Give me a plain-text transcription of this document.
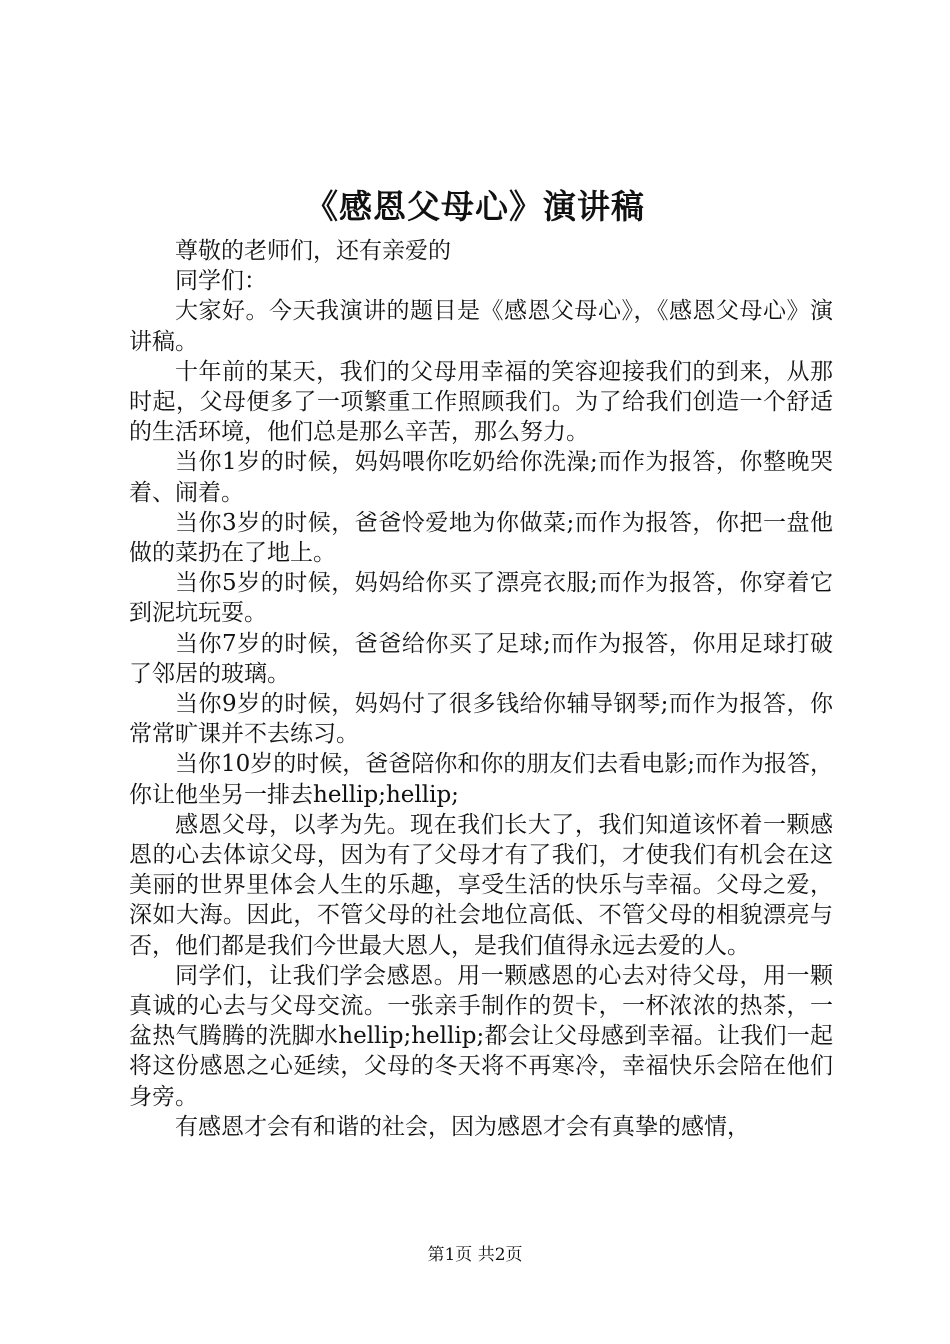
《感恩父母心》演讲稿

尊敬的老师们，还有亲爱的

同学们：

大家好。今天我演讲的题目是《感恩父母心》，《感恩父母心》演讲稿。

十年前的某天，我们的父母用幸福的笑容迎接我们的到来，从那时起，父母便多了一项繁重工作照顾我们。为了给我们创造一个舒适的生活环境，他们总是那么辛苦，那么努力。

当你1岁的时候，妈妈喂你吃奶给你洗澡;而作为报答，你整晚哭着、闹着。

当你3岁的时候，爸爸怜爱地为你做菜;而作为报答，你把一盘他做的菜扔在了地上。

当你5岁的时候，妈妈给你买了漂亮衣服;而作为报答，你穿着它到泥坑玩耍。

当你7岁的时候，爸爸给你买了足球;而作为报答，你用足球打破了邻居的玻璃。

当你9岁的时候，妈妈付了很多钱给你辅导钢琴;而作为报答，你常常旷课并不去练习。

当你10岁的时候，爸爸陪你和你的朋友们去看电影;而作为报答，你让他坐另一排去hellip;hellip;

感恩父母，以孝为先。现在我们长大了，我们知道该怀着一颗感恩的心去体谅父母，因为有了父母才有了我们，才使我们有机会在这美丽的世界里体会人生的乐趣，享受生活的快乐与幸福。父母之爱，深如大海。因此，不管父母的社会地位高低、不管父母的相貌漂亮与否，他们都是我们今世最大恩人，是我们值得永远去爱的人。

同学们，让我们学会感恩。用一颗感恩的心去对待父母，用一颗真诚的心去与父母交流。一张亲手制作的贺卡，一杯浓浓的热茶，一盆热气腾腾的洗脚水hellip;hellip;都会让父母感到幸福。让我们一起将这份感恩之心延续，父母的冬天将不再寒冷，幸福快乐会陪在他们身旁。

有感恩才会有和谐的社会，因为感恩才会有真挚的感情，

第1页 共2页
